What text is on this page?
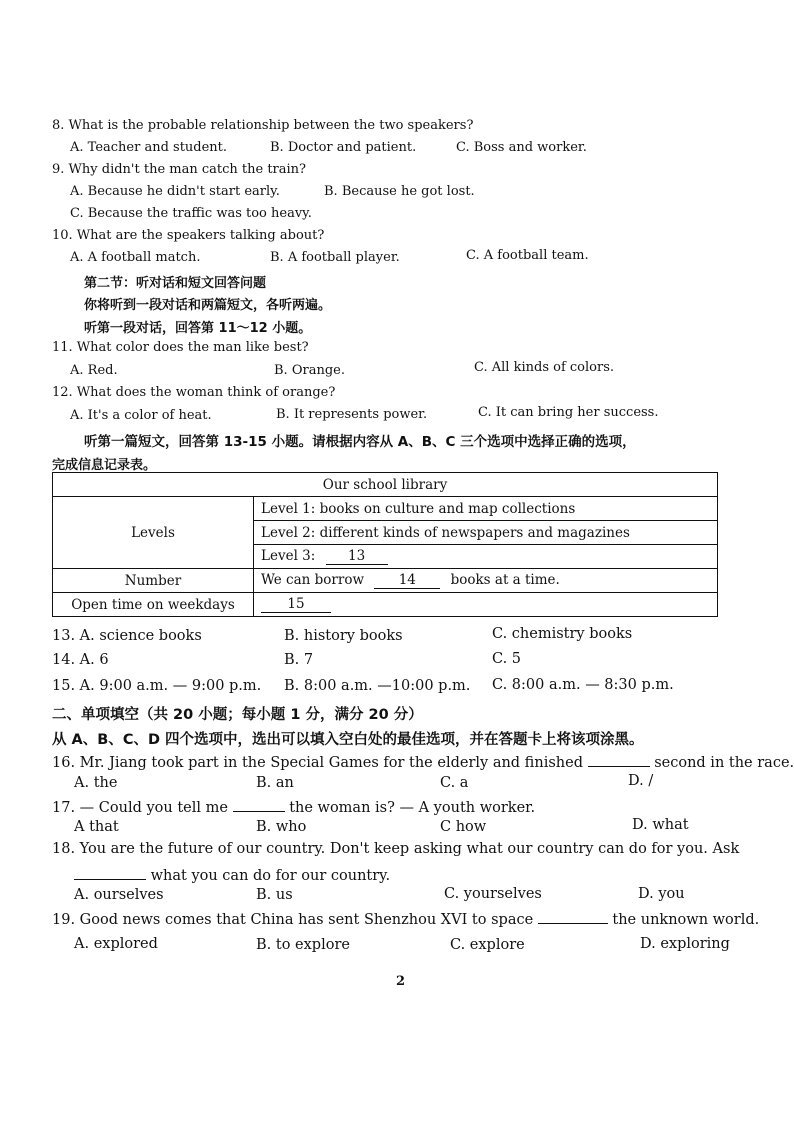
8. What is the probable relationship between the two speakers?
A. Teacher and student.	B. Doctor and patient.	C. Boss and worker.
9. Why didn't the man catch the train?
A. Because he didn't start early.	B. Because he got lost.
C. Because the traffic was too heavy.
10. What are the speakers talking about?
A. A football match.	B. A football player.	C. A football team.
第二节：听对话和短文回答问题
你将听到一段对话和两篇短文，各听两遍。
听第一段对话，回答第 11～12 小题。
11. What color does the man like best?
A. Red.	B. Orange.	C. All kinds of colors.
12. What does the woman think of orange?
A. It's a color of heat.	B. It represents power.	C. It can bring her success.
听第一篇短文，回答第 13-15 小题。请根据内容从 A、B、C 三个选项中选择正确的选项，
完成信息记录表。
Our school library	
Levels	Level 1: books on culture and map collections
	Level 2: different kinds of newspapers and magazines
	Level 3: 13
Number	We can borrow 14 books at a time.
Open time on weekdays	15
13. A. science books	B. history books	C. chemistry books
14. A. 6	B. 7	C. 5
15. A. 9:00 a.m. — 9:00 p.m. B. 8:00 a.m. —10:00 p.m. C. 8:00 a.m. — 8:30 p.m.
二、单项填空（共 20 小题；每小题 1 分，满分 20 分）
从 A、B、C、D 四个选项中，选出可以填入空白处的最佳选项，并在答题卡上将该项涂黑。
16. Mr. Jiang took part in the Special Games for the elderly and finished	second in the race.
A. the	B. an	C. a	D. /
17. — Could you tell me	the woman is? — A youth worker.
A that	B. who	C how	D. what
18. You are the future of our country. Don't keep asking what our country can do for you. Ask
what you can do for our country.
A. ourselves	B. us	C. yourselves	D. you
19. Good news comes that China has sent Shenzhou XVI to space	the unknown world.
A. explored	B. to explore	C. explore	D. exploring
2
